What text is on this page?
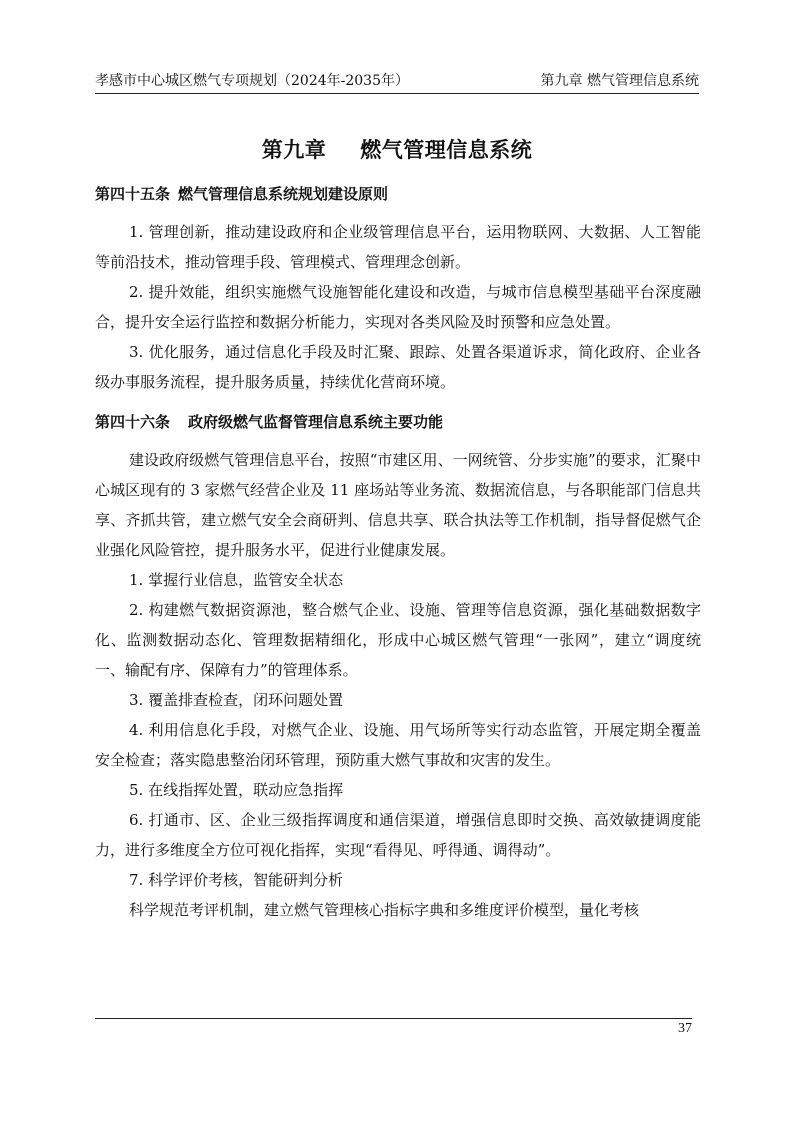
孝感市中心城区燃气专项规划（2024年-2035年）	第九章 燃气管理信息系统
第九章 燃气管理信息系统
第四十五条 燃气管理信息系统规划建设原则

1. 管理创新，推动建设政府和企业级管理信息平台，运用物联网、大数据、人工智能等前沿技术，推动管理手段、管理模式、管理理念创新。

2. 提升效能，组织实施燃气设施智能化建设和改造，与城市信息模型基础平台深度融合，提升安全运行监控和数据分析能力，实现对各类风险及时预警和应急处置。

3. 优化服务，通过信息化手段及时汇聚、跟踪、处置各渠道诉求，简化政府、企业各级办事服务流程，提升服务质量，持续优化营商环境。

第四十六条 政府级燃气监督管理信息系统主要功能

建设政府级燃气管理信息平台，按照“市建区用、一网统管、分步实施”的要求，汇聚中心城区现有的 3 家燃气经营企业及 11 座场站等业务流、数据流信息，与各职能部门信息共享、齐抓共管，建立燃气安全会商研判、信息共享、联合执法等工作机制，指导督促燃气企业强化风险管控，提升服务水平，促进行业健康发展。

1. 掌握行业信息，监管安全状态

2. 构建燃气数据资源池，整合燃气企业、设施、管理等信息资源，强化基础数据数字化、监测数据动态化、管理数据精细化，形成中心城区燃气管理“一张网”，建立“调度统一、输配有序、保障有力”的管理体系。

3. 覆盖排查检查，闭环问题处置

4. 利用信息化手段，对燃气企业、设施、用气场所等实行动态监管，开展定期全覆盖安全检查；落实隐患整治闭环管理，预防重大燃气事故和灾害的发生。

5. 在线指挥处置，联动应急指挥

6. 打通市、区、企业三级指挥调度和通信渠道，增强信息即时交换、高效敏捷调度能力，进行多维度全方位可视化指挥，实现“看得见、呼得通、调得动”。

7. 科学评价考核，智能研判分析

科学规范考评机制，建立燃气管理核心指标字典和多维度评价模型，量化考核

37
